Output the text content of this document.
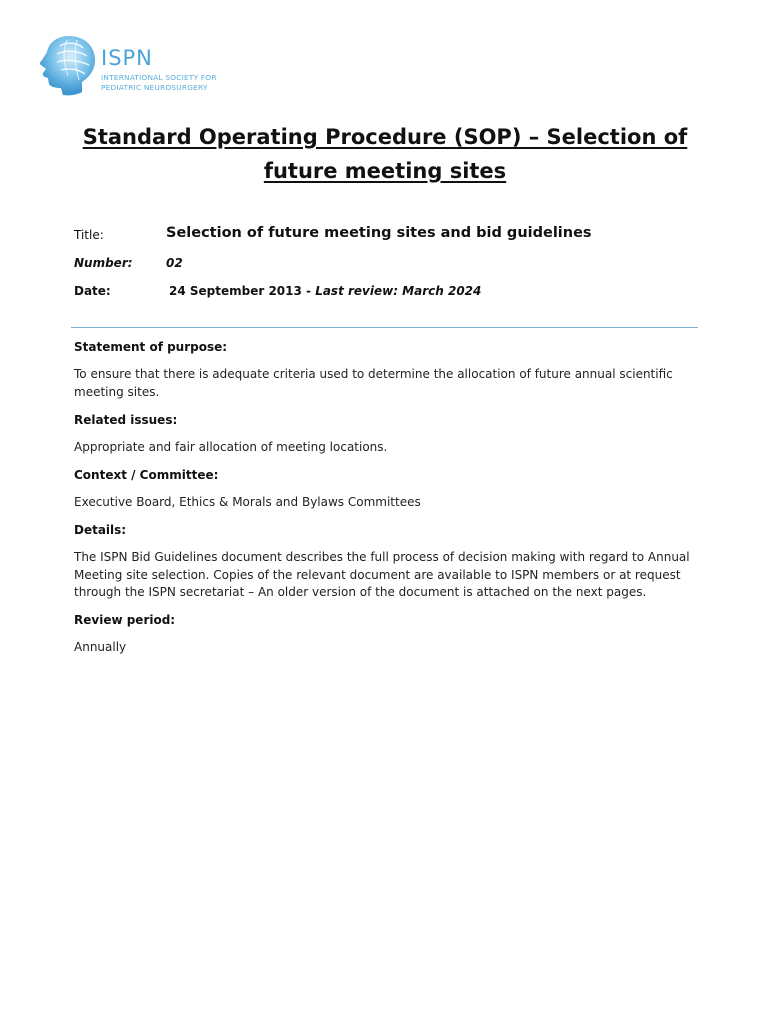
ISPN
INTERNATIONAL SOCIETY FOR
PEDIATRIC NEUROSURGERY
Standard Operating Procedure (SOP) – Selection of future meeting sites
Title:	Selection of future meeting sites and bid guidelines
Number:	02
Date:	24 September 2013 - Last review: March 2024
Statement of purpose:
To ensure that there is adequate criteria used to determine the allocation of future annual scientific meeting sites.
Related issues:
Appropriate and fair allocation of meeting locations.
Context / Committee:
Executive Board, Ethics & Morals and Bylaws Committees
Details:
The ISPN Bid Guidelines document describes the full process of decision making with regard to Annual Meeting site selection. Copies of the relevant document are available to ISPN members or at request through the ISPN secretariat – An older version of the document is attached on the next pages.
Review period:
Annually
